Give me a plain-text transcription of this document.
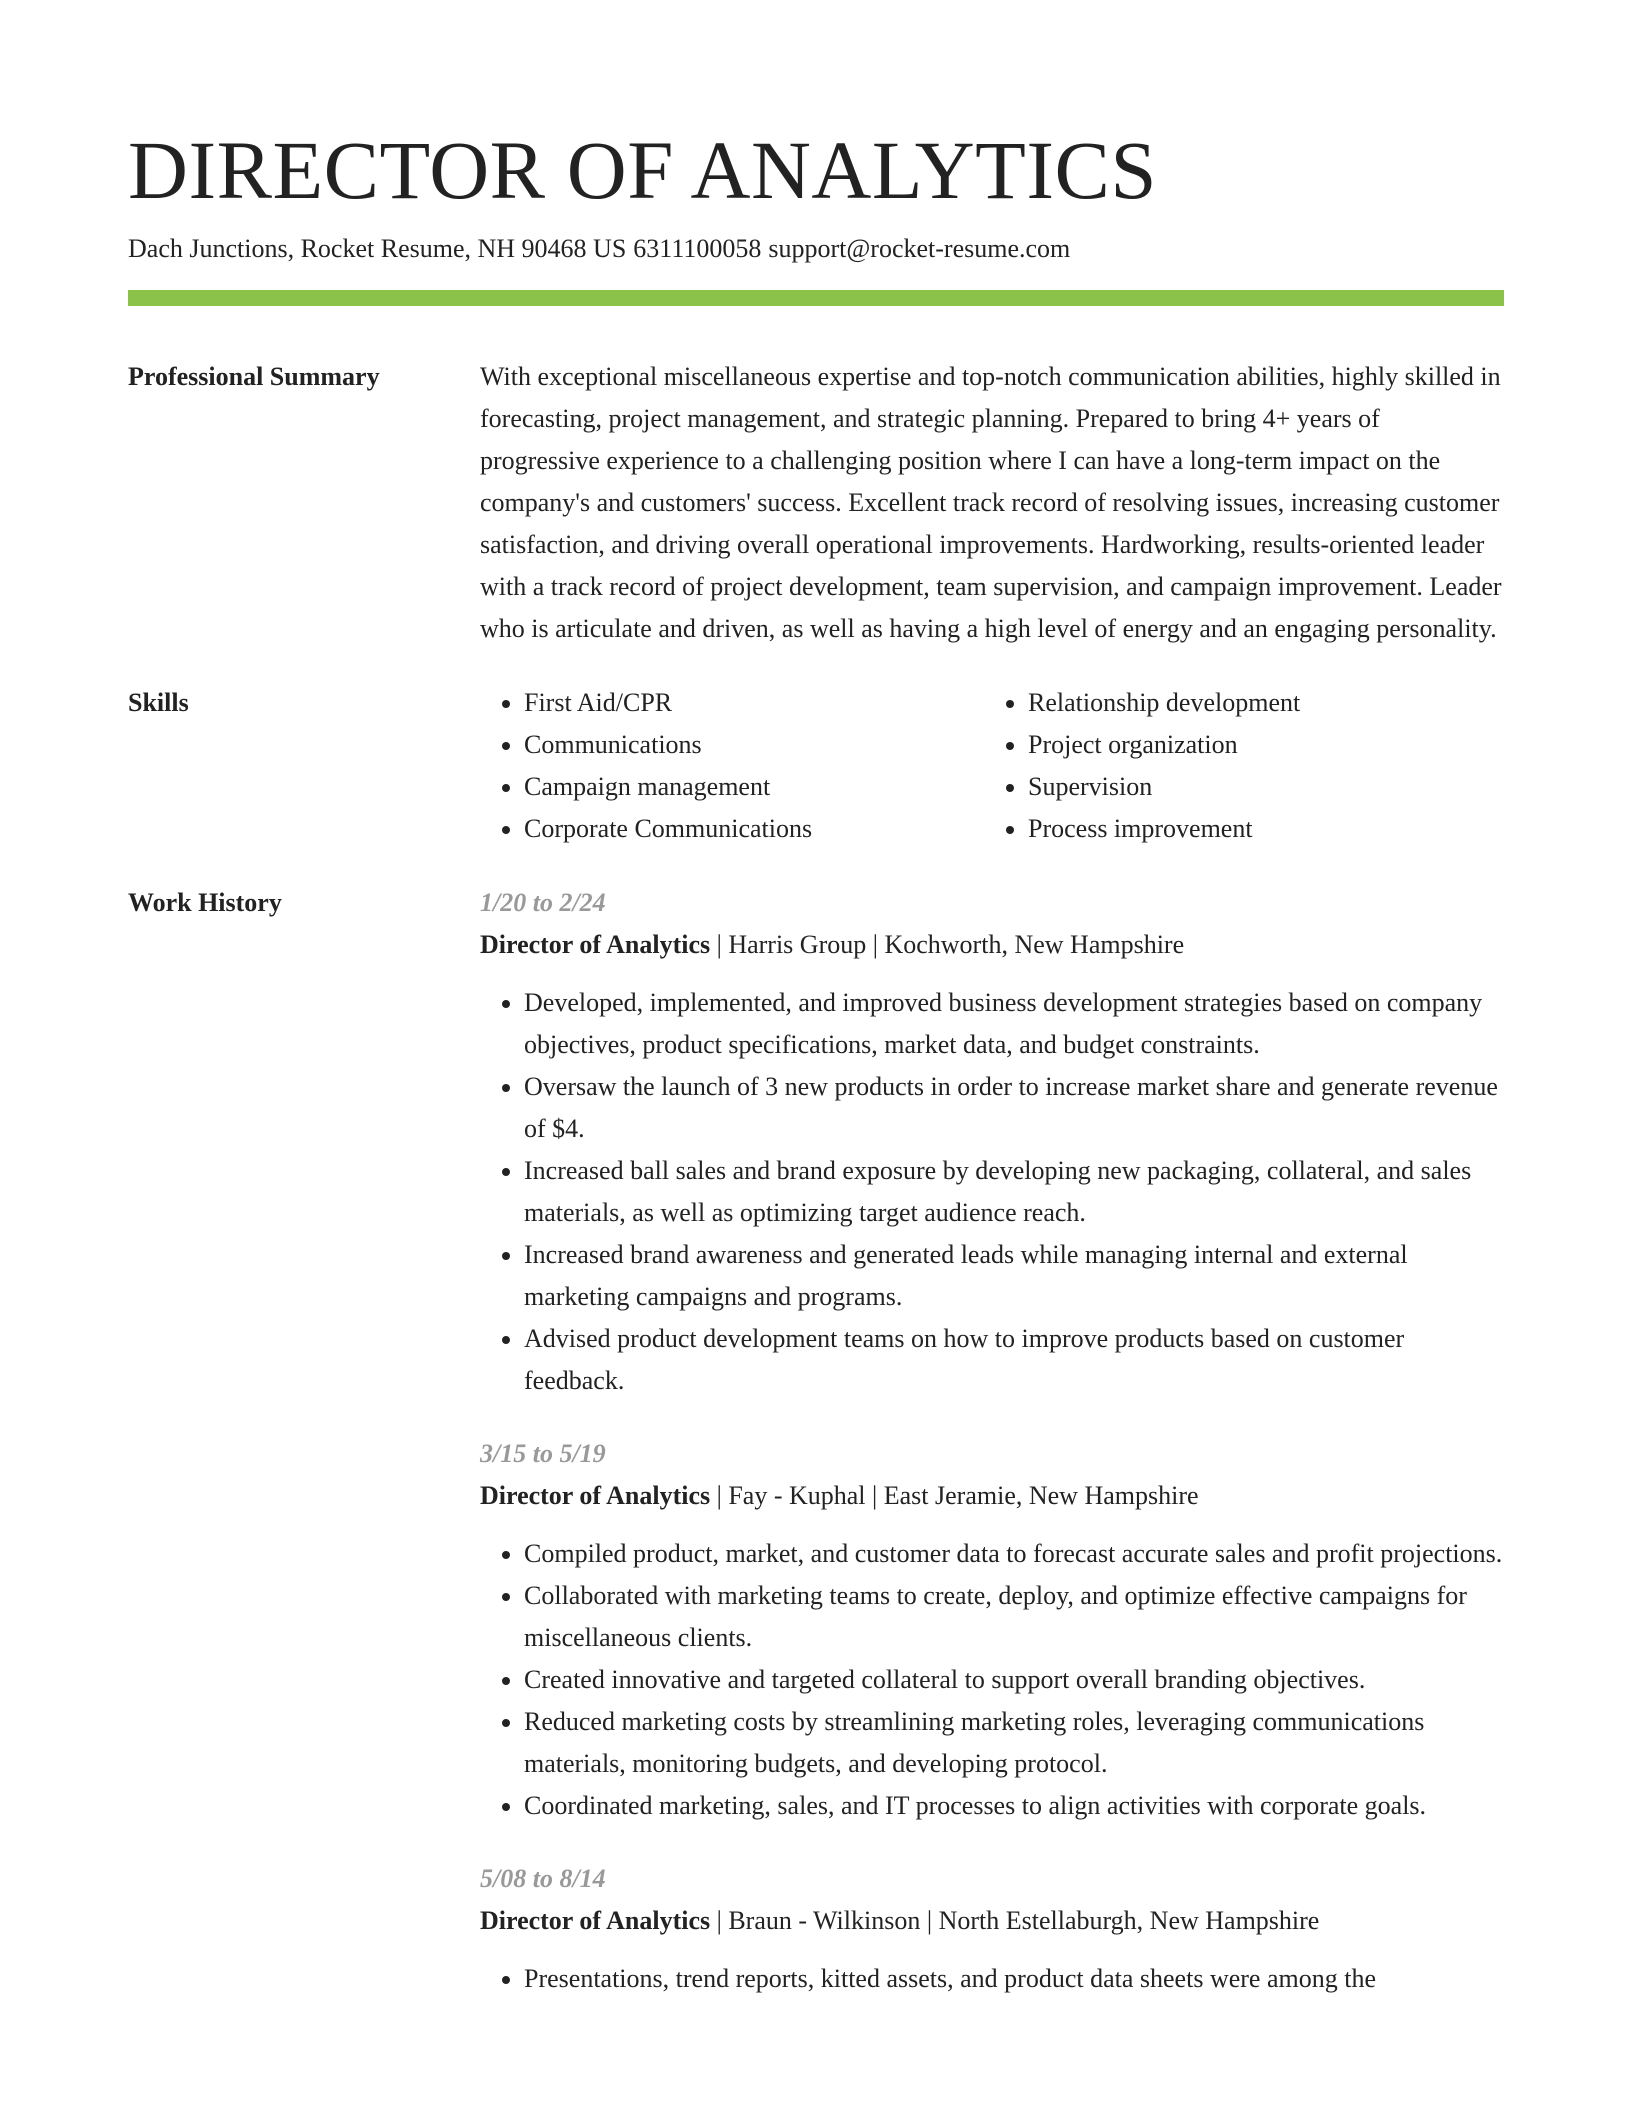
DIRECTOR OF ANALYTICS
Dach Junctions, Rocket Resume, NH 90468 US 6311100058 support@rocket-resume.com
Professional Summary	With exceptional miscellaneous expertise and top-notch communication abilities, highly skilled in forecasting, project management, and strategic planning. Prepared to bring 4+ years of progressive experience to a challenging position where I can have a long-term impact on the company's and customers' success. Excellent track record of resolving issues, increasing customer satisfaction, and driving overall operational improvements. Hardworking, results-oriented leader with a track record of project development, team supervision, and campaign improvement. Leader who is articulate and driven, as well as having a high level of energy and an engaging personality.

Skills
•	First Aid/CPR
• Communications
• Campaign management
• Corporate Communications
• Relationship development
• Project organization
• Supervision
• Process improvement
Work History	1/20 to 2/24
Director of Analytics | Harris Group | Kochworth, New Hampshire
• Developed, implemented, and improved business development strategies based on company objectives, product specifications, market data, and budget constraints.
• Oversaw the launch of 3 new products in order to increase market share and generate revenue of $4.
• Increased ball sales and brand exposure by developing new packaging, collateral, and sales materials, as well as optimizing target audience reach.
• Increased brand awareness and generated leads while managing internal and external marketing campaigns and programs.
• Advised product development teams on how to improve products based on customer feedback.
3/15 to 5/19
Director of Analytics | Fay - Kuphal | East Jeramie, New Hampshire
• Compiled product, market, and customer data to forecast accurate sales and profit projections.
• Collaborated with marketing teams to create, deploy, and optimize effective campaigns for miscellaneous clients.
• Created innovative and targeted collateral to support overall branding objectives.
• Reduced marketing costs by streamlining marketing roles, leveraging communications materials, monitoring budgets, and developing protocol.
• Coordinated marketing, sales, and IT processes to align activities with corporate goals.
5/08 to 8/14
Director of Analytics | Braun - Wilkinson | North Estellaburgh, New Hampshire
• Presentations, trend reports, kitted assets, and product data sheets were among the
